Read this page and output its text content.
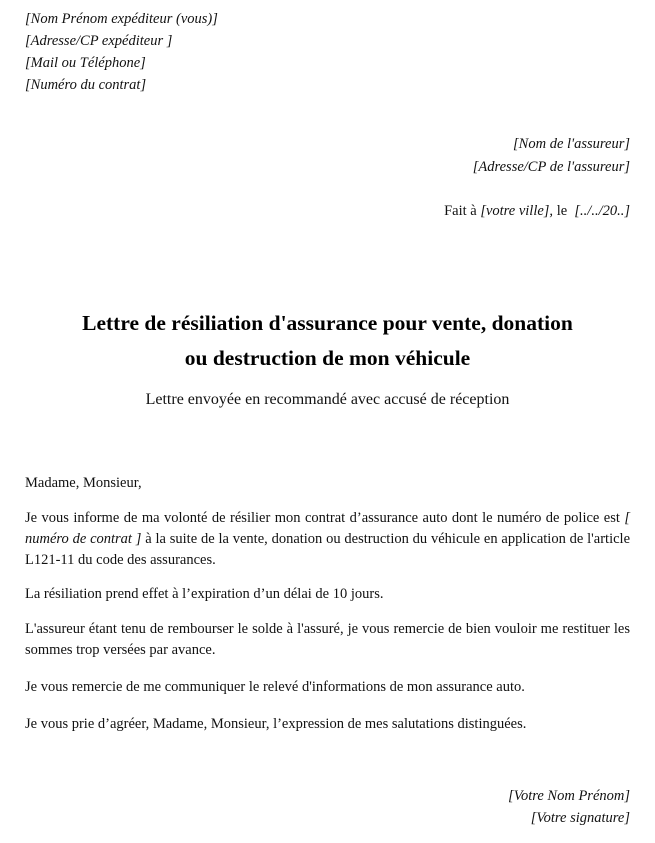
[Nom Prénom expéditeur (vous)]
[Adresse/CP expéditeur ]
[Mail ou Téléphone]
[Numéro du contrat]
[Nom de l'assureur]
[Adresse/CP de l'assureur]
Fait à [votre ville], le  [../../20..]
Lettre de résiliation d'assurance pour vente, donation
ou destruction de mon véhicule
Lettre envoyée en recommandé avec accusé de réception
Madame, Monsieur,
Je vous informe de ma volonté de résilier mon contrat d’assurance auto dont le numéro de police est [ numéro de contrat ] à la suite de la vente, donation ou destruction du véhicule en application de l'article L121-11 du code des assurances.
La résiliation prend effet à l’expiration d’un délai de 10 jours.
L'assureur étant tenu de rembourser le solde à l'assuré, je vous remercie de bien vouloir me restituer les sommes trop versées par avance.
Je vous remercie de me communiquer le relevé d'informations de mon assurance auto.
Je vous prie d’agréer, Madame, Monsieur, l’expression de mes salutations distinguées.
[Votre Nom Prénom]
[Votre signature]
